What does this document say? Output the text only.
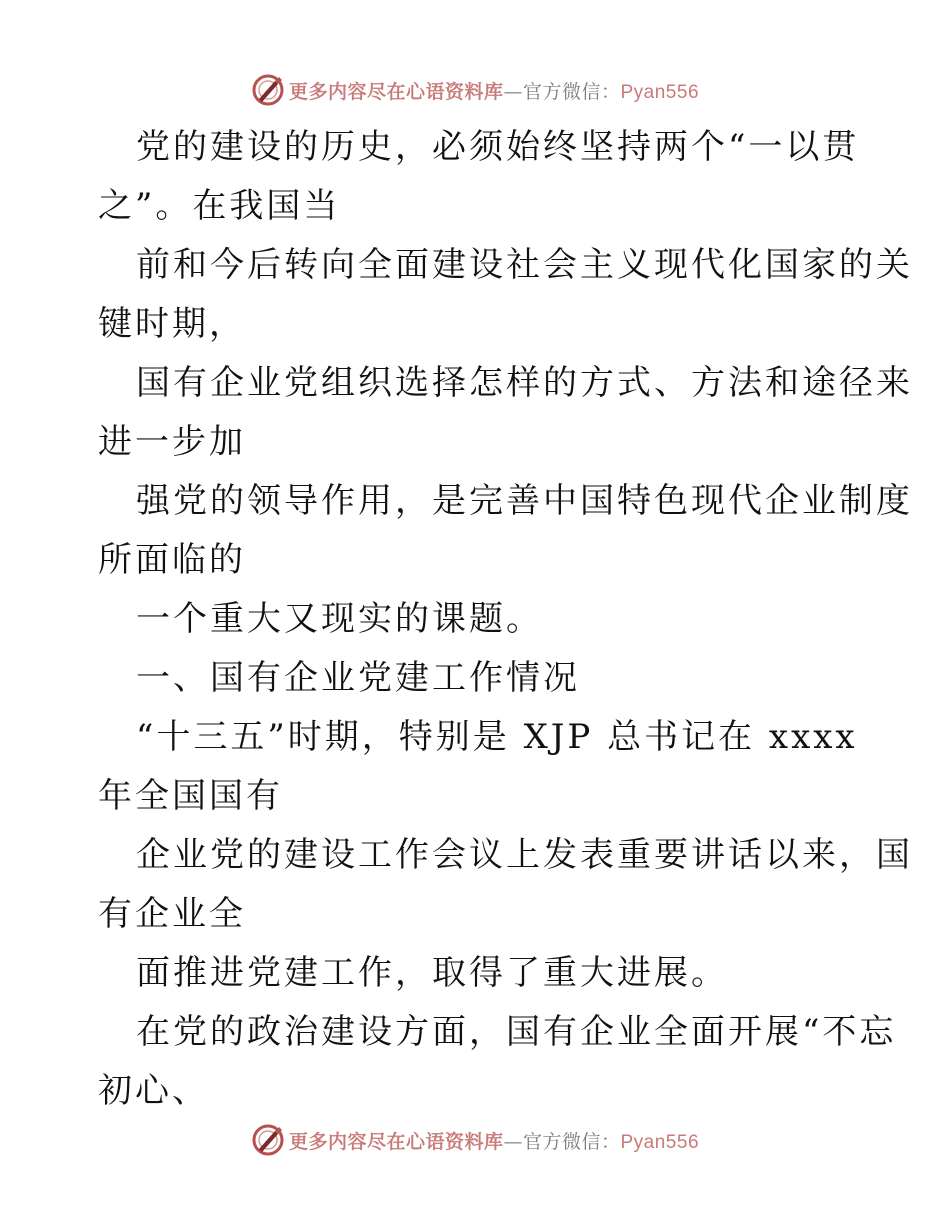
更多内容尽在心语资料库—官方微信：Pyan556
党的建设的历史，必须始终坚持两个“一以贯
之”。在我国当
前和今后转向全面建设社会主义现代化国家的关
键时期，
国有企业党组织选择怎样的方式、方法和途径来
进一步加
强党的领导作用，是完善中国特色现代企业制度
所面临的
一个重大又现实的课题。
一、国有企业党建工作情况
“十三五”时期，特别是 XJP 总书记在 xxxx
年全国国有
企业党的建设工作会议上发表重要讲话以来，国
有企业全
面推进党建工作，取得了重大进展。
在党的政治建设方面，国有企业全面开展“不忘
初心、
更多内容尽在心语资料库—官方微信：Pyan556
